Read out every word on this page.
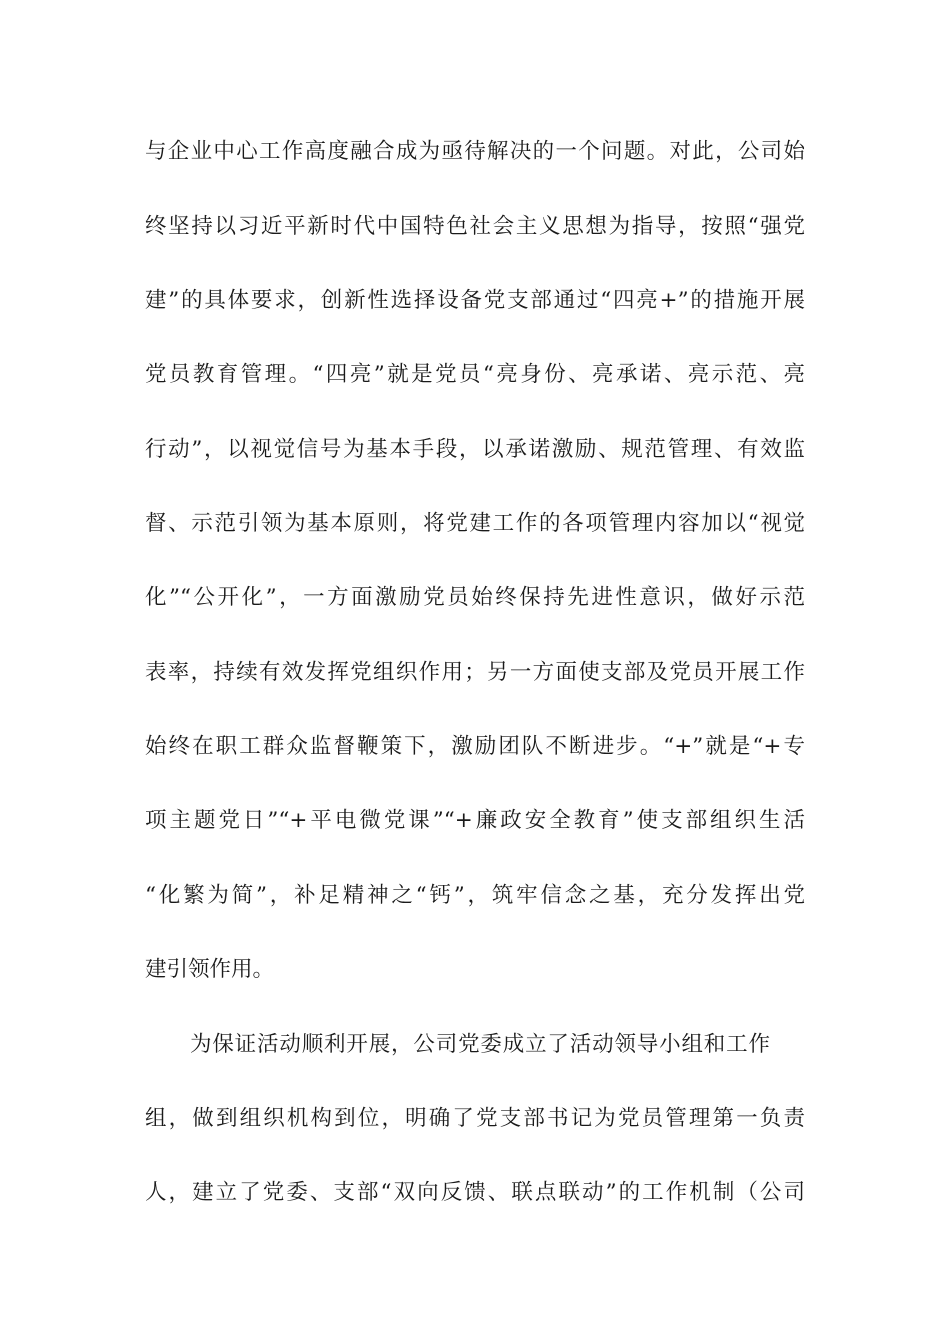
与企业中心工作高度融合成为亟待解决的一个问题。对此，公司始
终坚持以习近平新时代中国特色社会主义思想为指导，按照“强党
建”的具体要求，创新性选择设备党支部通过“四亮+”的措施开展
党员教育管理。“四亮”就是党员“亮身份、亮承诺、亮示范、亮
行动”，以视觉信号为基本手段，以承诺激励、规范管理、有效监
督、示范引领为基本原则，将党建工作的各项管理内容加以“视觉
化”“公开化”，一方面激励党员始终保持先进性意识，做好示范
表率，持续有效发挥党组织作用；另一方面使支部及党员开展工作
始终在职工群众监督鞭策下，激励团队不断进步。“+”就是“+专
项主题党日”“+平电微党课”“+廉政安全教育”使支部组织生活
“化繁为简”，补足精神之“钙”，筑牢信念之基，充分发挥出党
建引领作用。
为保证活动顺利开展，公司党委成立了活动领导小组和工作
组，做到组织机构到位，明确了党支部书记为党员管理第一负责
人，建立了党委、支部“双向反馈、联点联动”的工作机制（公司
